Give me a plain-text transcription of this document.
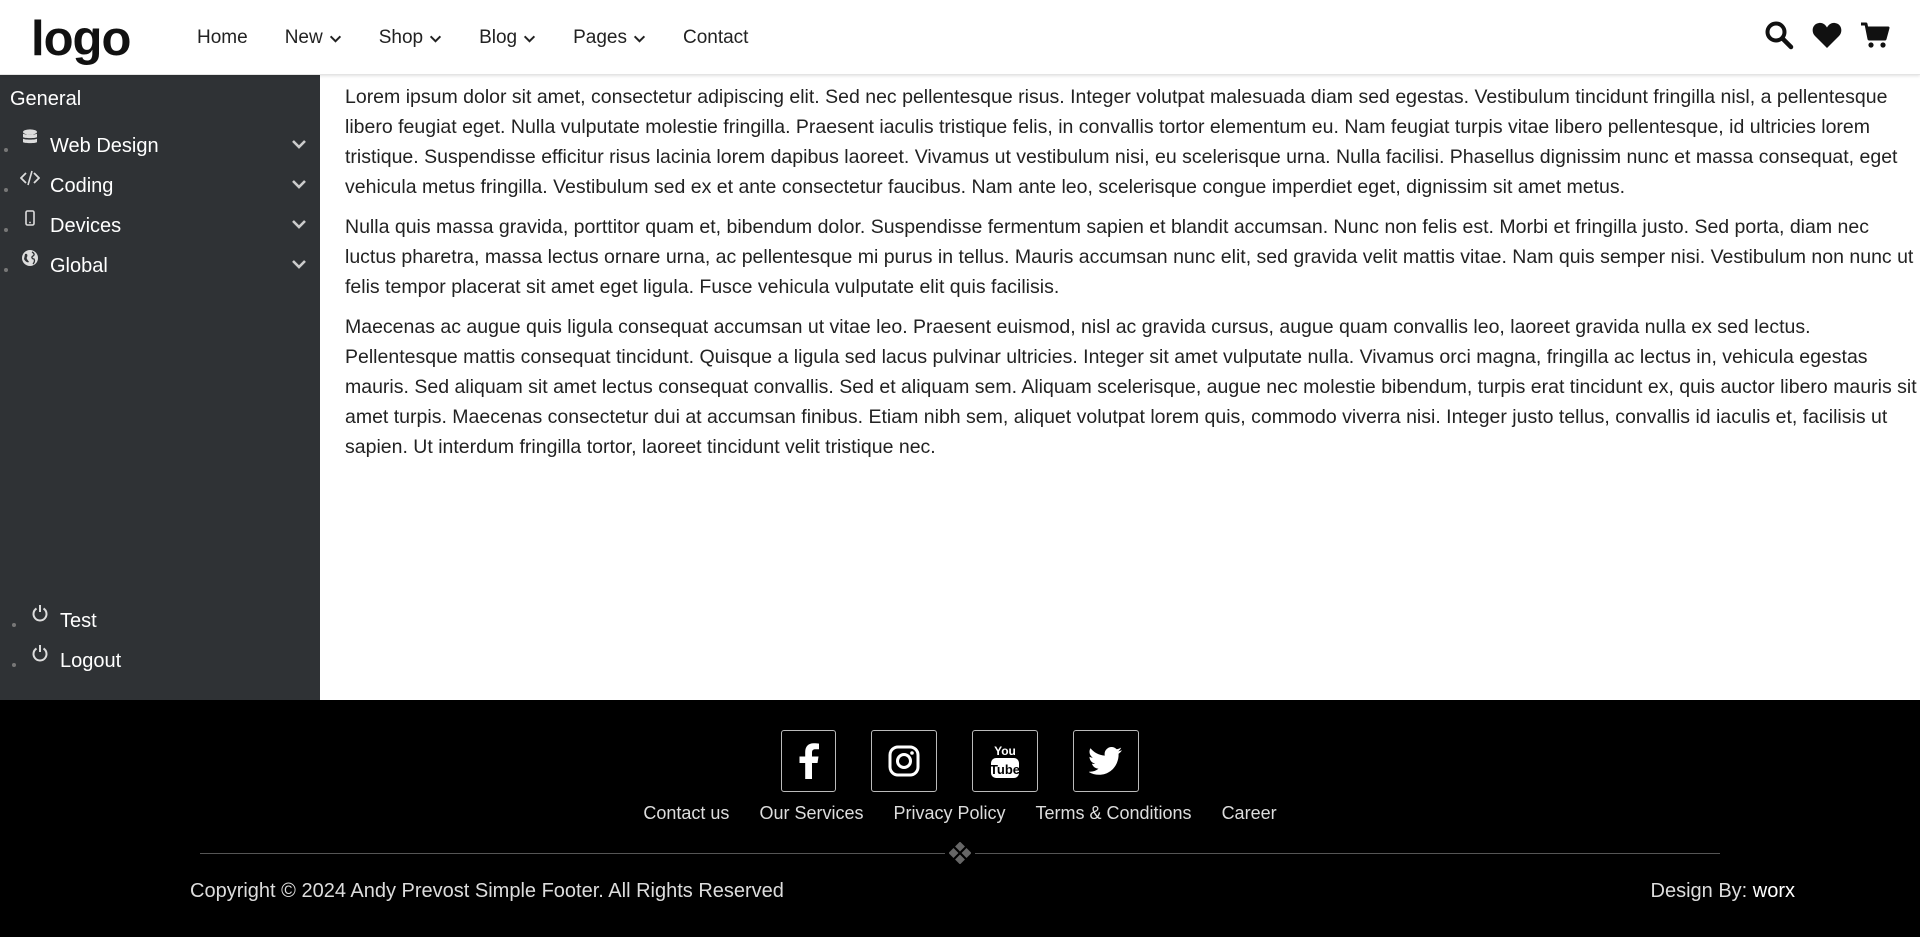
logo	Home New	Shop	Blog	Pages	Contact
General
Web Design
Coding
Devices
Global
Test
Logout

Lorem ipsum dolor sit amet, consectetur adipiscing elit. Sed nec pellentesque risus. Integer volutpat malesuada diam sed egestas. Vestibulum tincidunt fringilla nisl, a pellentesque libero feugiat eget. Nulla vulputate molestie fringilla. Praesent iaculis tristique felis, in convallis tortor elementum eu. Nam feugiat turpis vitae libero pellentesque, id ultricies lorem tristique. Suspendisse efficitur risus lacinia lorem dapibus laoreet. Vivamus ut vestibulum nisi, eu scelerisque urna. Nulla facilisi. Phasellus dignissim nunc et massa consequat, eget vehicula metus fringilla. Vestibulum sed ex et ante consectetur faucibus. Nam ante leo, scelerisque congue imperdiet eget, dignissim sit amet metus.

Nulla quis massa gravida, porttitor quam et, bibendum dolor. Suspendisse fermentum sapien et blandit accumsan. Nunc non felis est. Morbi et fringilla justo. Sed porta, diam nec luctus pharetra, massa lectus ornare urna, ac pellentesque mi purus in tellus. Mauris accumsan nunc elit, sed gravida velit mattis vitae. Nam quis semper nisi. Vestibulum non nunc ut felis tempor placerat sit amet eget ligula. Fusce vehicula vulputate elit quis facilisis.

Maecenas ac augue quis ligula consequat accumsan ut vitae leo. Praesent euismod, nisl ac gravida cursus, augue quam convallis leo, laoreet gravida nulla ex sed lectus. Pellentesque mattis consequat tincidunt. Quisque a ligula sed lacus pulvinar ultricies. Integer sit amet vulputate nulla. Vivamus orci magna, fringilla ac lectus in, vehicula egestas mauris. Sed aliquam sit amet lectus consequat convallis. Sed et aliquam sem. Aliquam scelerisque, augue nec molestie bibendum, turpis erat tincidunt ex, quis auctor libero mauris sit amet turpis. Maecenas consectetur dui at accumsan finibus. Etiam nibh sem, aliquet volutpat lorem quis, commodo viverra nisi. Integer justo tellus, convallis id iaculis et, facilisis ut sapien. Ut interdum fringilla tortor, laoreet tincidunt velit tristique nec.

You
Tube
Contact us Our Services Privacy Policy Terms & Conditions Career
Copyright © 2024 Andy Prevost Simple Footer. All Rights Reserved	Design By: worx
